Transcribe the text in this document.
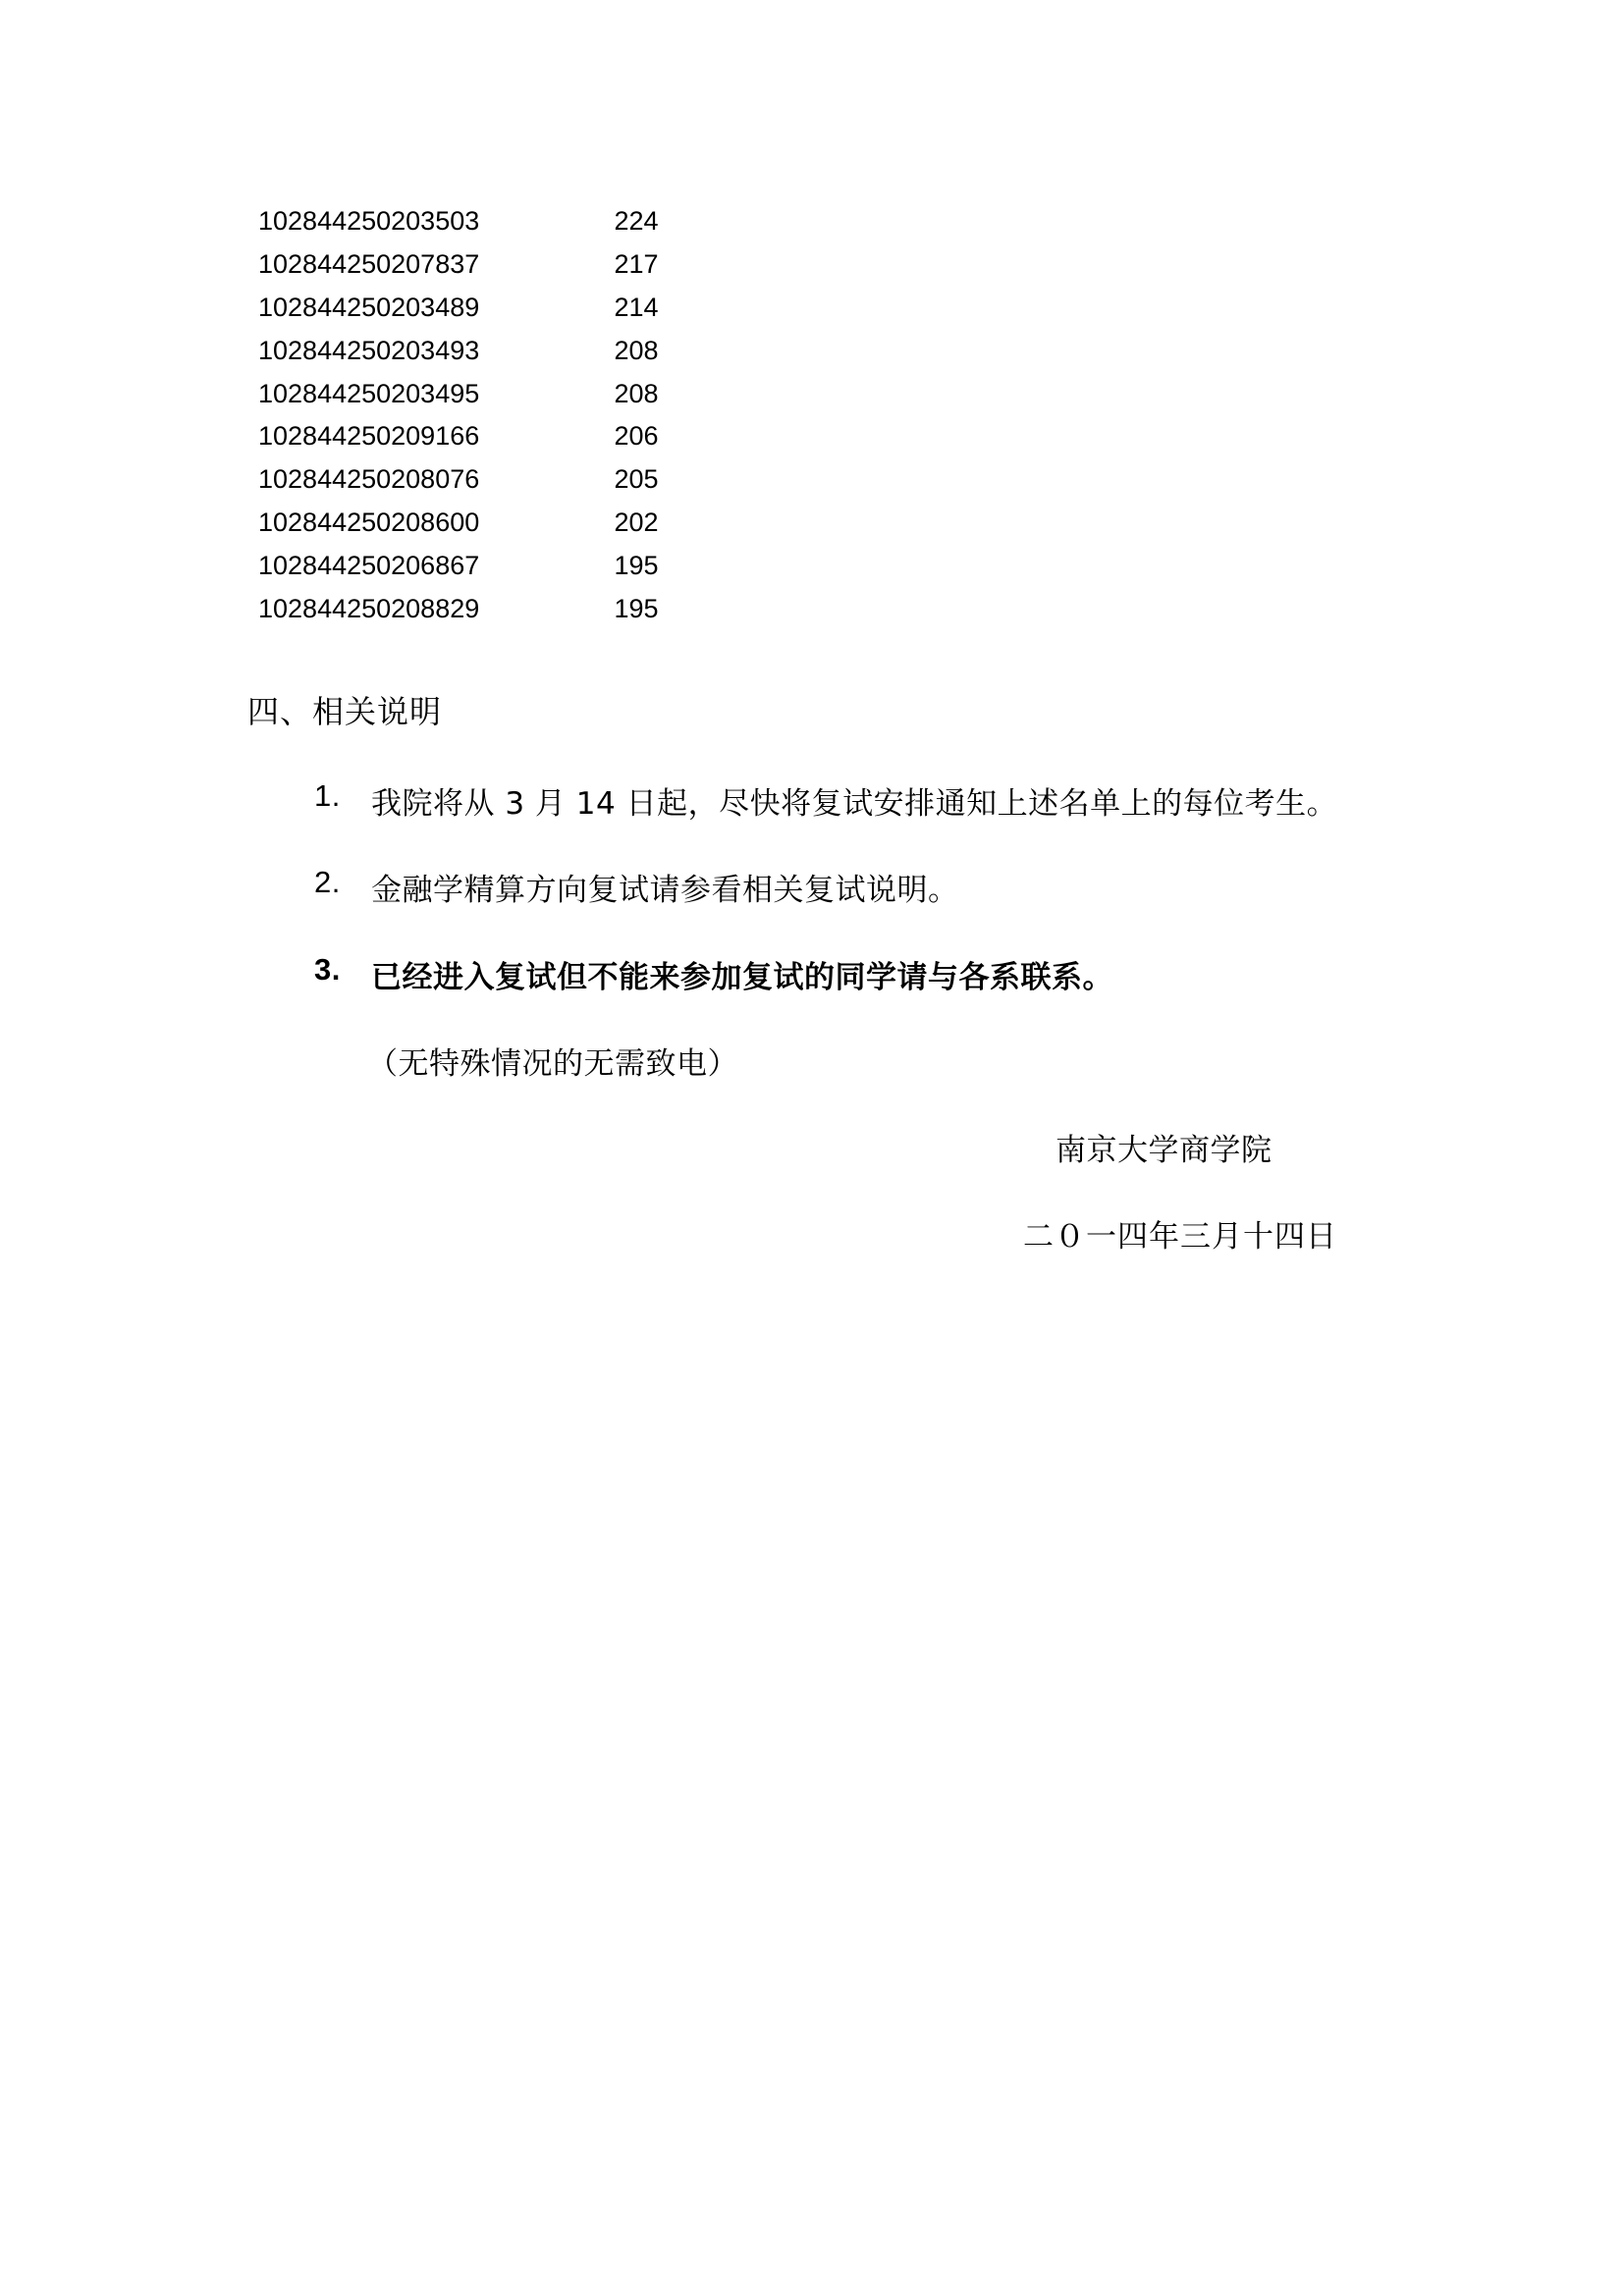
102844250203503	224
102844250207837	217
102844250203489	214
102844250203493	208
102844250203495	208
102844250209166	206
102844250208076	205
102844250208600	202
102844250206867	195
102844250208829	195
四、相关说明
1.	我院将从 3 月 14 日起，尽快将复试安排通知上述名单上的每位考生。
2.	金融学精算方向复试请参看相关复试说明。
3.	已经进入复试但不能来参加复试的同学请与各系联系。
（无特殊情况的无需致电）
南京大学商学院
二０一四年三月十四日
